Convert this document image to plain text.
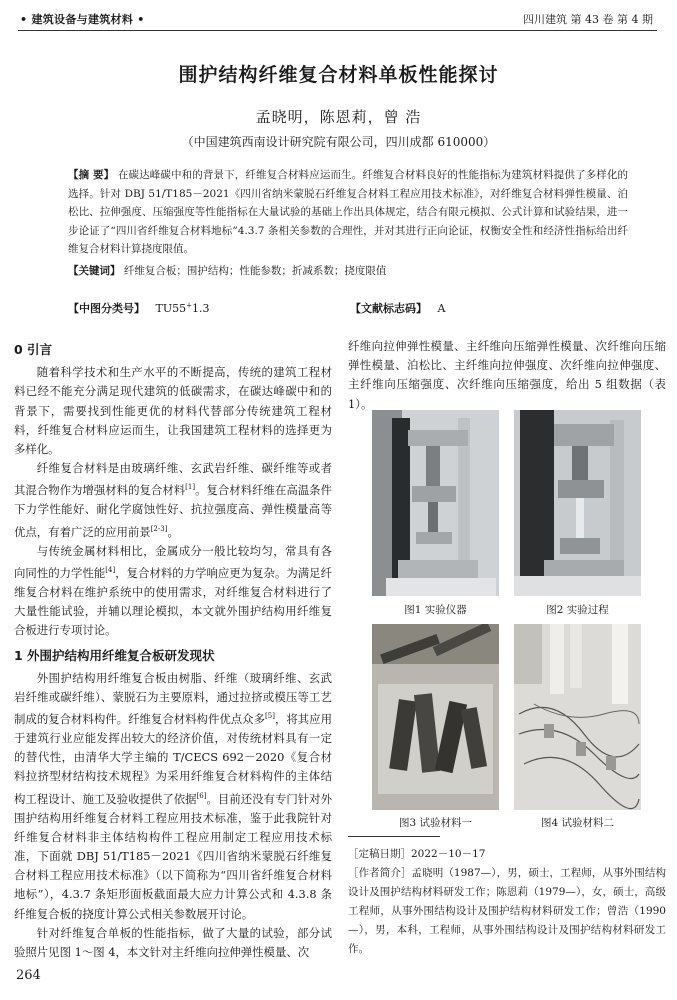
• 建筑设备与建筑材料 •	四川建筑 第 43 卷 第 4 期
围护结构纤维复合材料单板性能探讨
孟晓明，陈恩莉，曾 浩
（中国建筑西南设计研究院有限公司，四川成都 610000）
【摘 要】 在碳达峰碳中和的背景下，纤维复合材料应运而生。纤维复合材料良好的性能指标为建筑材料提供了多样化的选择。针对 DBJ 51/T185－2021《四川省纳米蒙脱石纤维复合材料工程应用技术标准》，对纤维复合材料弹性模量、泊松比、拉伸强度、压缩强度等性能指标在大量试验的基础上作出具体规定，结合有限元模拟、公式计算和试验结果，进一步论证了“四川省纤维复合材料地标”4.3.7 条相关参数的合理性，并对其进行正向论证，权衡安全性和经济性指标给出纤维复合材料计算挠度限值。
【关键词】 纤维复合板；围护结构；性能参数；折减系数；挠度限值
【中图分类号】 TU55+1.3	【文献标志码】 A
0 引言

随着科学技术和生产水平的不断提高，传统的建筑工程材料已经不能充分满足现代建筑的低碳需求，在碳达峰碳中和的背景下，需要找到性能更优的材料代替部分传统建筑工程材料，纤维复合材料应运而生，让我国建筑工程材料的选择更为多样化。

纤维复合材料是由玻璃纤维、玄武岩纤维、碳纤维等或者其混合物作为增强材料的复合材料[1]。复合材料纤维在高温条件下力学性能好、耐化学腐蚀性好、抗拉强度高、弹性模量高等优点，有着广泛的应用前景[2-3]。

与传统金属材料相比，金属成分一般比较均匀，常具有各向同性的力学性能[4]，复合材料的力学响应更为复杂。为满足纤维复合材料在维护系统中的使用需求，对纤维复合材料进行了大量性能试验，并辅以理论模拟，本文就外围护结构用纤维复合板进行专项讨论。

1 外围护结构用纤维复合板研发现状

外围护结构用纤维复合板由树脂、纤维（玻璃纤维、玄武岩纤维或碳纤维）、蒙脱石为主要原料，通过拉挤或模压等工艺制成的复合材料构件。纤维复合材料构件优点众多[5]，将其应用于建筑行业应能发挥出较大的经济价值，对传统材料具有一定的替代性，由清华大学主编的 T/CECS 692－2020《复合材料拉挤型材结构技术规程》为采用纤维复合材料构件的主体结构工程设计、施工及验收提供了依据[6]。目前还没有专门针对外围护结构用纤维复合材料工程应用技术标准，鉴于此我院针对纤维复合材料非主体结构构件工程应用制定工程应用技术标准，下面就 DBJ 51/T185－2021《四川省纳米蒙脱石纤维复合材料工程应用技术标准》（以下简称为“四川省纤维复合材料地标”），4.3.7 条矩形面板截面最大应力计算公式和 4.3.8 条纤维复合板的挠度计算公式相关参数展开讨论。

针对纤维复合单板的性能指标，做了大量的试验，部分试验照片见图 1～图 4，本文针对主纤维向拉伸弹性模量、次

纤维向拉伸弹性模量、主纤维向压缩弹性模量、次纤维向压缩弹性模量、泊松比、主纤维向拉伸强度、次纤维向拉伸强度、主纤维向压缩强度、次纤维向压缩强度，给出 5 组数据（表 1）。
图1 实验仪器	图2 实验过程
图3 试验材料一	图4 试验材料二
［定稿日期］2022－10－17
［作者简介］孟晓明（1987—），男，硕士，工程师，从事外围结构设计及围护结构材料研发工作；陈恩莉（1979—），女，硕士，高级工程师，从事外围结构设计及围护结构材料研发工作；曾浩（1990—），男，本科，工程师，从事外围结构设计及围护结构材料研发工作。
264
